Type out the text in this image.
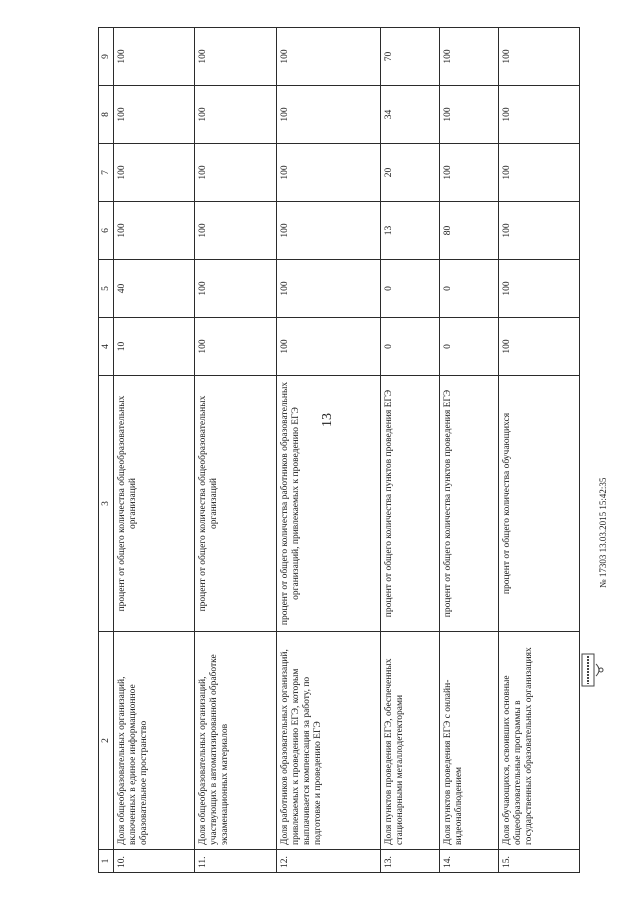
13
1	2	3	4	5	6	7	8	9
10.	Доля общеобразовательных организаций, включенных в единое информационное образовательное пространство	процент от общего количества общеобразовательных организаций	10	40	100	100	100	100
11.	Доля общеобразовательных организаций, участвующих в автоматизированной обработке экзаменационных материалов	процент от общего количества общеобразовательных организаций	100	100	100	100	100	100
12.	Доля работников образовательных организаций, привлекаемых к проведению ЕГЭ, которым выплачивается компенсация за работу, по подготовке и проведению ЕГЭ	процент от общего количества работников образовательных организаций, привлекаемых к проведению ЕГЭ	100	100	100	100	100	100
13.	Доля пунктов проведения ЕГЭ, обеспеченных стационарными металлодетекторами	процент от общего количества пунктов проведения ЕГЭ	0	0	13	20	34	70
14.	Доля пунктов проведения ЕГЭ с онлайн-видеонаблюдением	процент от общего количества пунктов проведения ЕГЭ	0	0	80	100	100	100
15.	Доля обучающихся, освоивших основные общеобразовательные программы в государственных образовательных организациях	процент от общего количества обучающихся	100	100	100	100	100	100
№ 17303 13.03.2015 15:42:35
